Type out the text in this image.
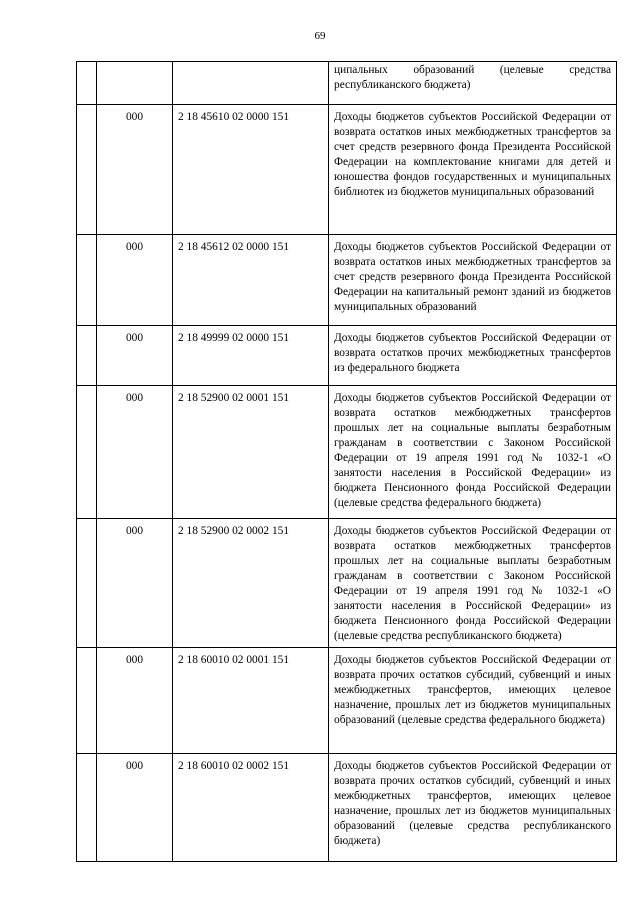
69
			ципальных образований (целевые средства республиканского бюджета)
	000	2 18 45610 02 0000 151	Доходы бюджетов субъектов Российской Федерации от возврата остатков иных межбюджетных трансфертов за счет средств резервного фонда Президента Российской Федерации на комплектование книгами для детей и юношества фондов государственных и муниципальных библиотек из бюджетов муниципальных образований
	000	2 18 45612 02 0000 151	Доходы бюджетов субъектов Российской Федерации от возврата остатков иных межбюджетных трансфертов за счет средств резервного фонда Президента Российской Федерации на капитальный ремонт зданий из бюджетов муниципальных образований
	000	2 18 49999 02 0000 151	Доходы бюджетов субъектов Российской Федерации от возврата остатков прочих межбюджетных трансфертов из федерального бюджета
	000	2 18 52900 02 0001 151	Доходы бюджетов субъектов Российской Федерации от возврата остатков межбюджетных трансфертов прошлых лет на социальные выплаты безработным гражданам в соответствии с Законом Российской Федерации от 19 апреля 1991 год № 1032-1 «О занятости населения в Российской Федерации» из бюджета Пенсионного фонда Российской Федерации (целевые средства федерального бюджета)
	000	2 18 52900 02 0002 151	Доходы бюджетов субъектов Российской Федерации от возврата остатков межбюджетных трансфертов прошлых лет на социальные выплаты безработным гражданам в соответствии с Законом Российской Федерации от 19 апреля 1991 год № 1032-1 «О занятости населения в Российской Федерации» из бюджета Пенсионного фонда Российской Федерации (целевые средства республиканского бюджета)
	000	2 18 60010 02 0001 151	Доходы бюджетов субъектов Российской Федерации от возврата прочих остатков субсидий, субвенций и иных межбюджетных трансфертов, имеющих целевое назначение, прошлых лет из бюджетов муниципальных образований (целевые средства федерального бюджета)
	000	2 18 60010 02 0002 151	Доходы бюджетов субъектов Российской Федерации от возврата прочих остатков субсидий, субвенций и иных межбюджетных трансфертов, имеющих целевое назначение, прошлых лет из бюджетов муниципальных образований (целевые средства республиканского бюджета)
